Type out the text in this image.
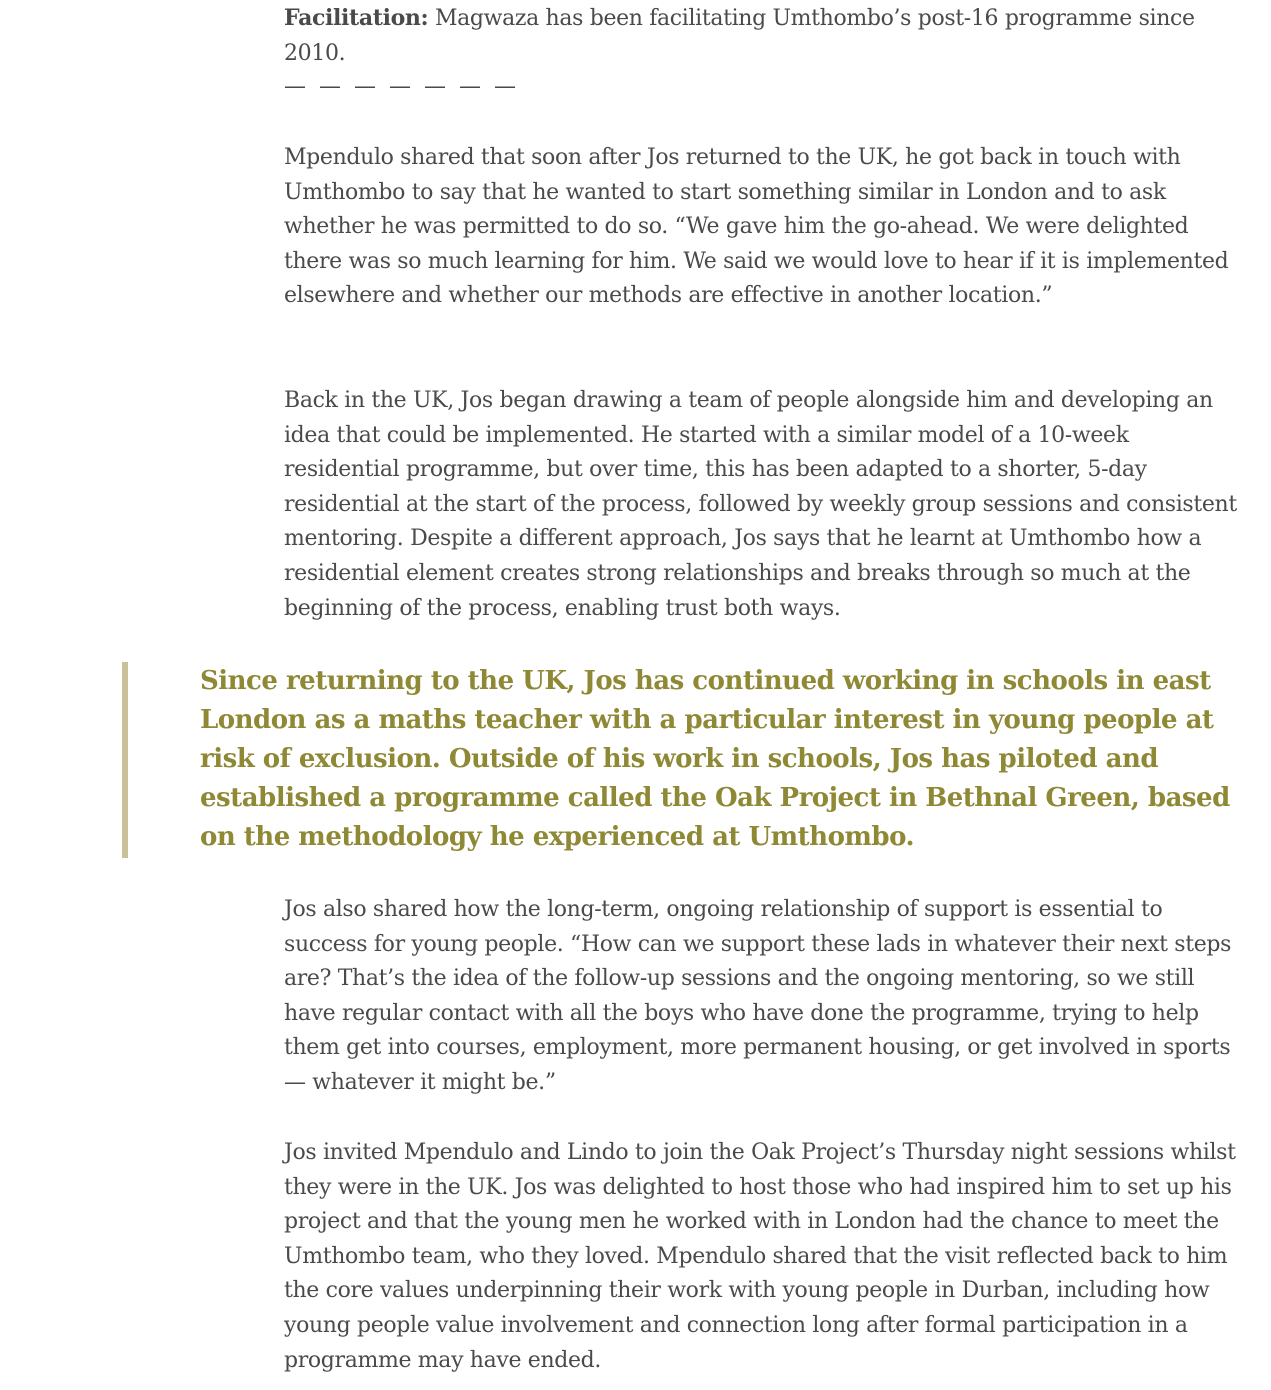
Facilitation: Magwaza has been facilitating Umthombo’s post-16 programme since 2010.

— — — — — — —

Mpendulo shared that soon after Jos returned to the UK, he got back in touch with Umthombo to say that he wanted to start something similar in London and to ask whether he was permitted to do so. “We gave him the go-ahead. We were delighted there was so much learning for him. We said we would love to hear if it is implemented elsewhere and whether our methods are effective in another location.”

Back in the UK, Jos began drawing a team of people alongside him and developing an idea that could be implemented. He started with a similar model of a 10-week residential programme, but over time, this has been adapted to a shorter, 5-day residential at the start of the process, followed by weekly group sessions and consistent mentoring. Despite a different approach, Jos says that he learnt at Umthombo how a residential element creates strong relationships and breaks through so much at the beginning of the process, enabling trust both ways.

Since returning to the UK, Jos has continued working in schools in east London as a maths teacher with a particular interest in young people at risk of exclusion. Outside of his work in schools, Jos has piloted and established a programme called the Oak Project in Bethnal Green, based on the methodology he experienced at Umthombo.

Jos also shared how the long-term, ongoing relationship of support is essential to success for young people. “How can we support these lads in whatever their next steps are? That’s the idea of the follow-up sessions and the ongoing mentoring, so we still have regular contact with all the boys who have done the programme, trying to help them get into courses, employment, more permanent housing, or get involved in sports — whatever it might be.”

Jos invited Mpendulo and Lindo to join the Oak Project’s Thursday night sessions whilst they were in the UK. Jos was delighted to host those who had inspired him to set up his project and that the young men he worked with in London had the chance to meet the Umthombo team, who they loved. Mpendulo shared that the visit reflected back to him the core values underpinning their work with young people in Durban, including how young people value involvement and connection long after formal participation in a programme may have ended.
